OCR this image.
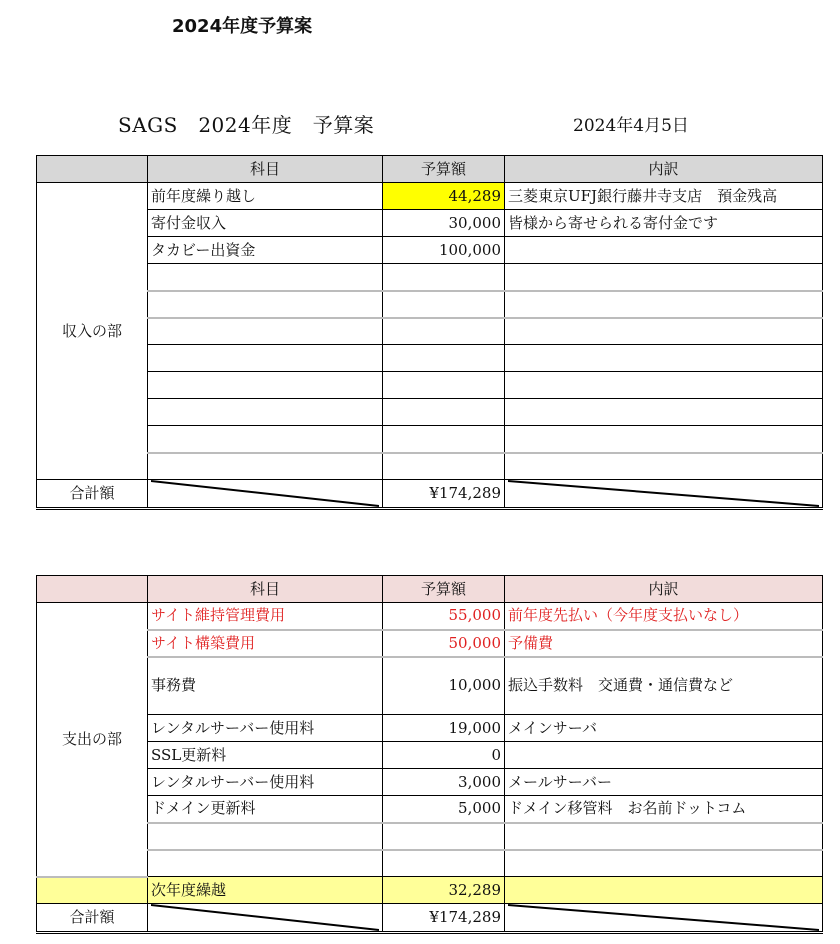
2024年度予算案
SAGS　2024年度　予算案	2024年4月5日
	科目	予算額	内訳
収入の部	前年度繰り越し	44,289	三菱東京UFJ銀行藤井寺支店　預金残高
	寄付金収入	30,000	皆様から寄せられる寄付金です
	タカビー出資金	100,000	

合計額		¥174,289	
	科目	予算額	内訳
支出の部	サイト維持管理費用	55,000	前年度先払い（今年度支払いなし）
	サイト構築費用	50,000	予備費
	事務費	10,000	振込手数料　交通費・通信費など
	レンタルサーバー使用料	19,000	メインサーバ
	SSL更新料	0	
	レンタルサーバー使用料	3,000	メールサーバー
	ドメイン更新料	5,000	ドメイン移管料　お名前ドットコム

	次年度繰越	32,289	
合計額		¥174,289	
